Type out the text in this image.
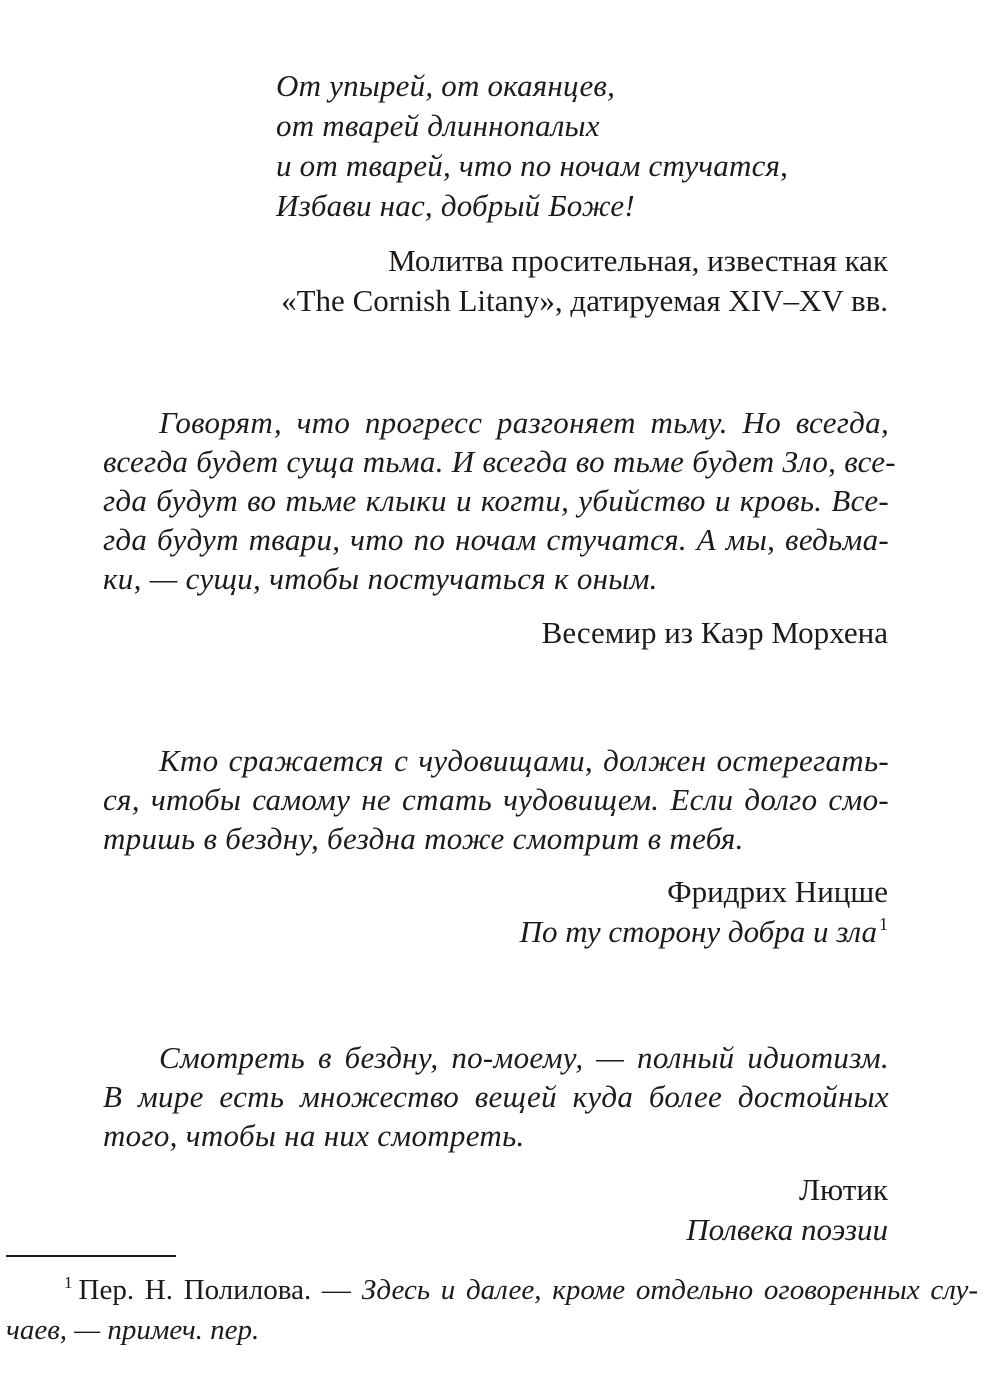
От упырей, от окаянцев,
от тварей длиннопалых
и от тварей, что по ночам стучатся,
Избави нас, добрый Боже!
Молитва просительная, известная как
«The Cornish Litany», датируемая XIV–XV вв.
Говорят, что прогресс разгоняет тьму. Но всегда,
всегда будет суща тьма. И всегда во тьме будет Зло, все-
гда будут во тьме клыки и когти, убийство и кровь. Все-
гда будут твари, что по ночам стучатся. А мы, ведьма-
ки, — сущи, чтобы постучаться к оным.
Весемир из Каэр Морхена
Кто сражается с чудовищами, должен остерегать-
ся, чтобы самому не стать чудовищем. Если долго смо-
тришь в бездну, бездна тоже смотрит в тебя.
Фридрих Ницше
По ту сторону добра и зла $^1$
Смотреть в бездну, по-моему, — полный идиотизм.
В мире есть множество вещей куда более достойных
того, чтобы на них смотреть.
Лютик
Полвека поэзии
$^1$ Пер. Н. Полилова. — Здесь и далее, кроме отдельно оговоренных слу-
чаев, — примеч. пер.
